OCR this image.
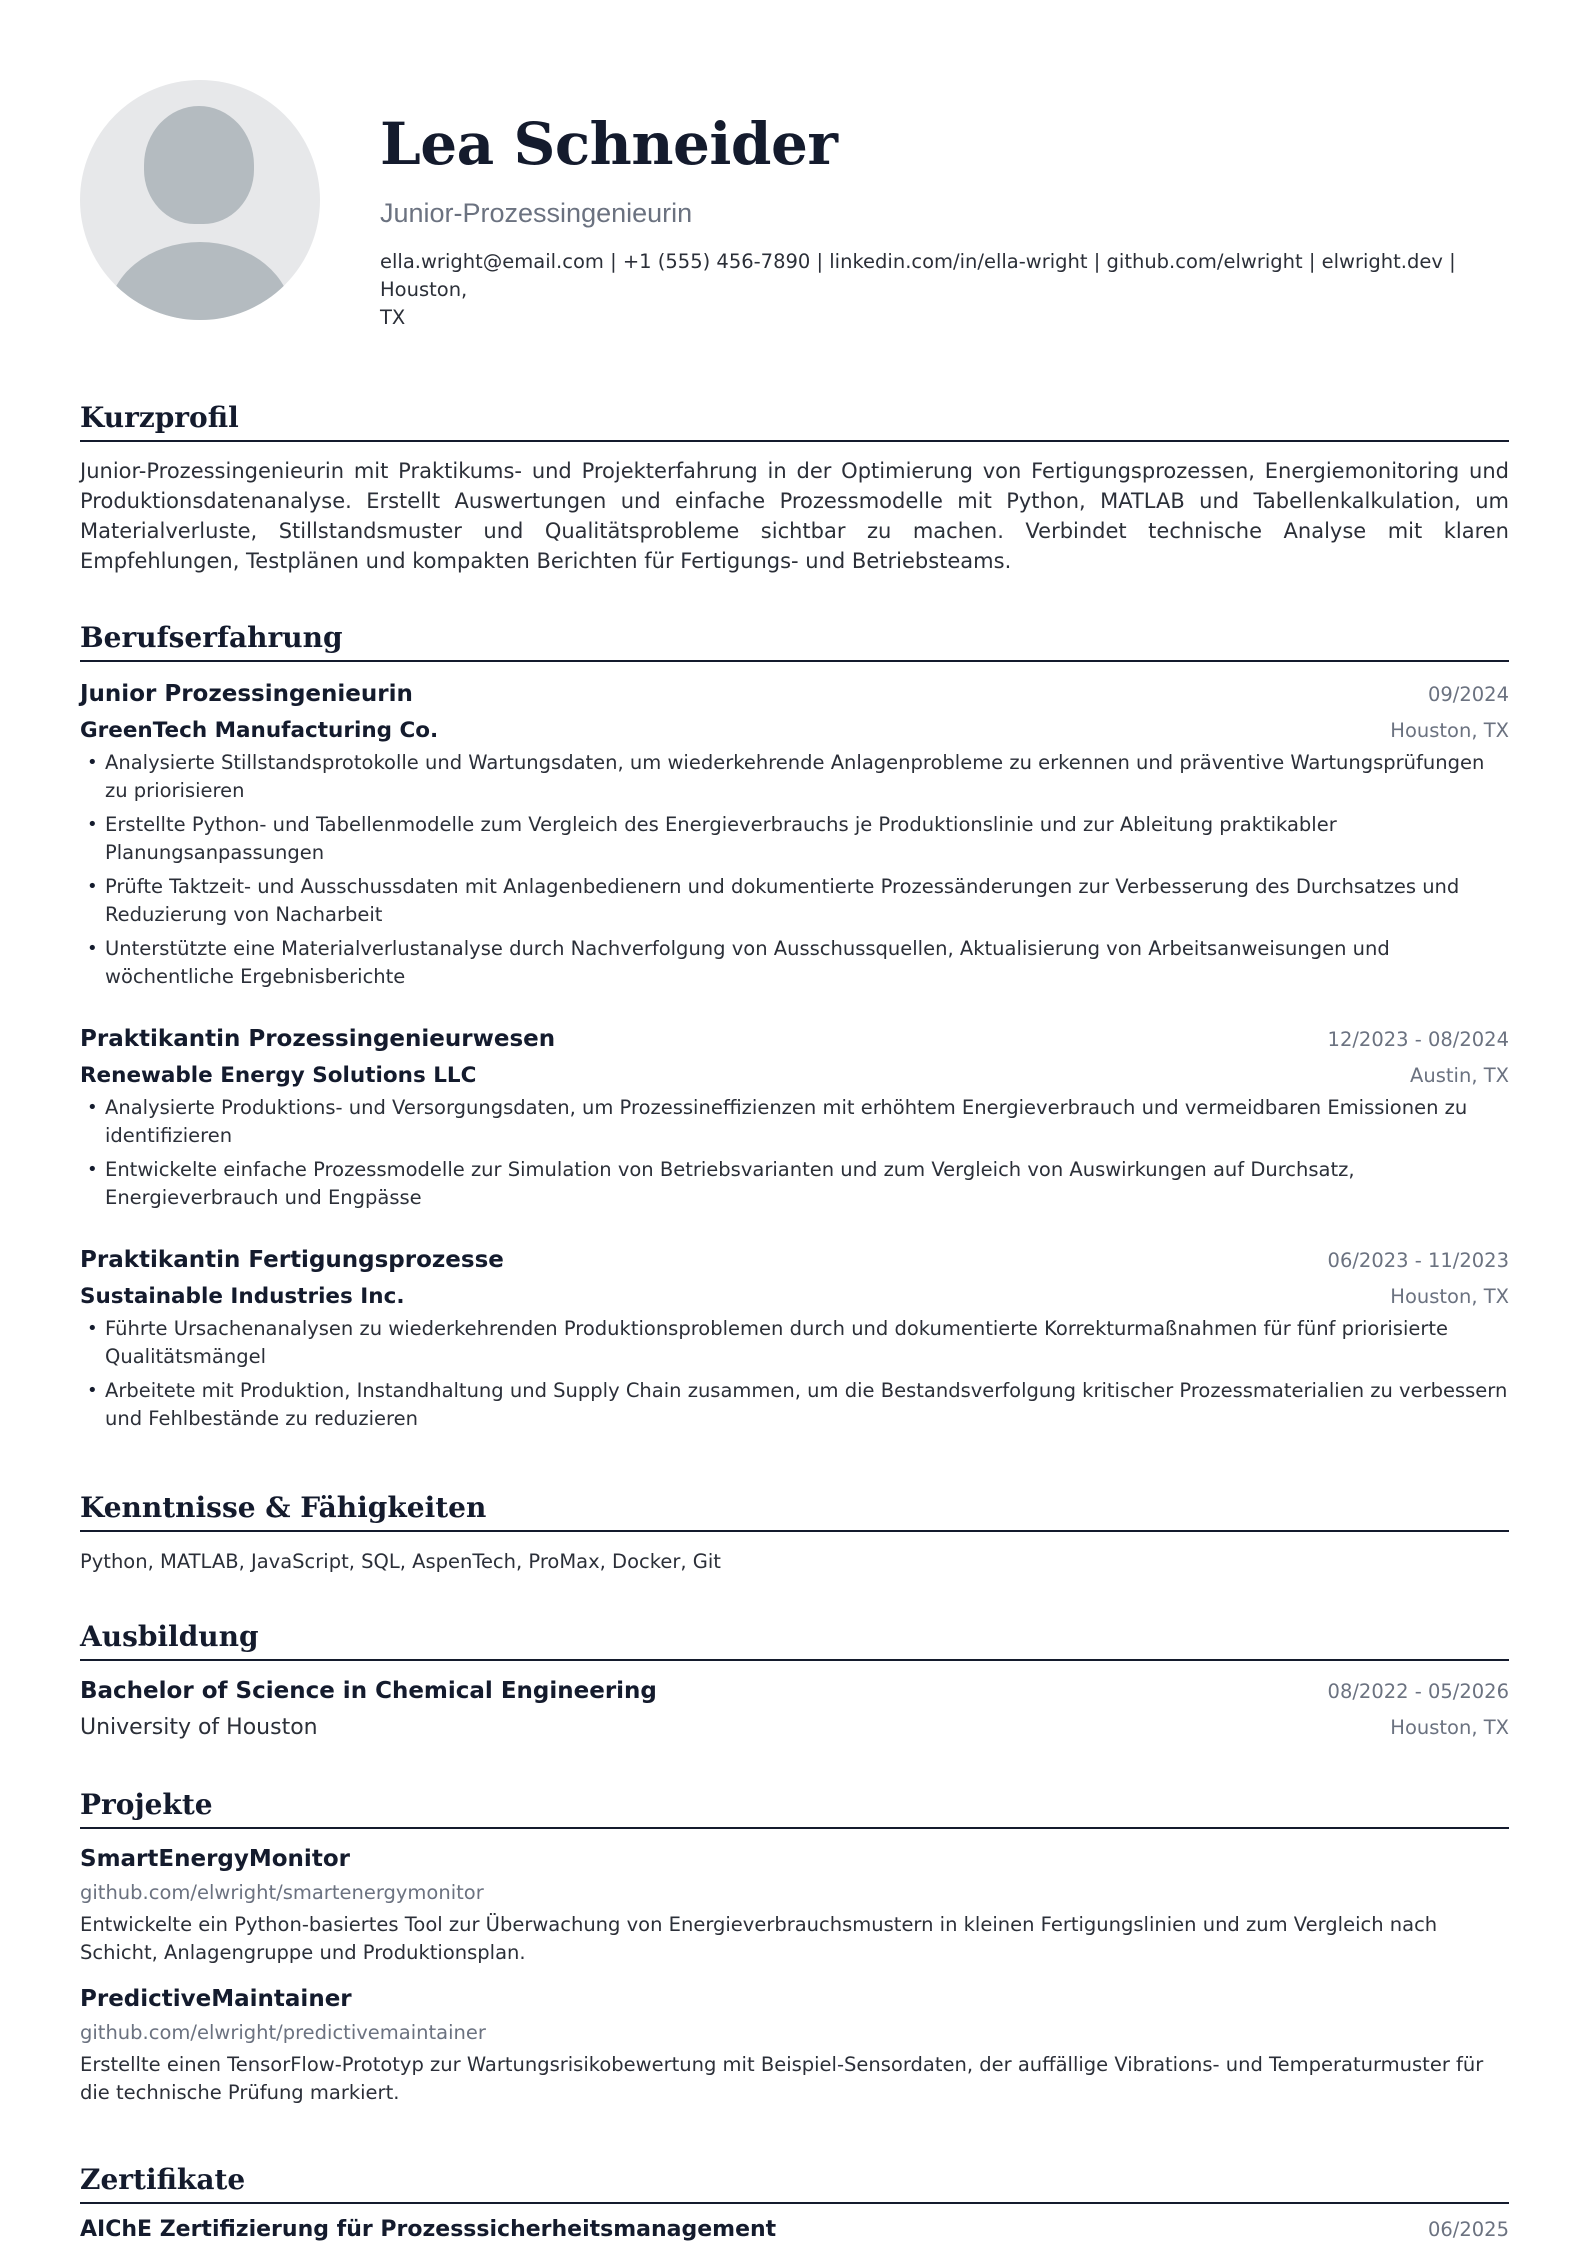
Lea Schneider
Junior-Prozessingenieurin
ella.wright@email.com | +1 (555) 456-7890 | linkedin.com/in/ella-wright | github.com/elwright | elwright.dev | Houston,
TX
Kurzprofil
Junior-Prozessingenieurin mit Praktikums- und Projekterfahrung in der Optimierung von Fertigungsprozessen, Energiemonitoring und Produktionsdatenanalyse. Erstellt Auswertungen und einfache Prozessmodelle mit Python, MATLAB und Tabellenkalkulation, um Materialverluste, Stillstandsmuster und Qualitätsprobleme sichtbar zu machen. Verbindet technische Analyse mit klaren Empfehlungen, Testplänen und kompakten Berichten für Fertigungs- und Betriebsteams.
Berufserfahrung
Junior Prozessingenieurin	09/2024
GreenTech Manufacturing Co.	Houston, TX
• Analysierte Stillstandsprotokolle und Wartungsdaten, um wiederkehrende Anlagenprobleme zu erkennen und präventive Wartungsprüfungen zu priorisieren
• Erstellte Python- und Tabellenmodelle zum Vergleich des Energieverbrauchs je Produktionslinie und zur Ableitung praktikabler Planungsanpassungen
• Prüfte Taktzeit- und Ausschussdaten mit Anlagenbedienern und dokumentierte Prozessänderungen zur Verbesserung des Durchsatzes und Reduzierung von Nacharbeit
• Unterstützte eine Materialverlustanalyse durch Nachverfolgung von Ausschussquellen, Aktualisierung von Arbeitsanweisungen und wöchentliche Ergebnisberichte
Praktikantin Prozessingenieurwesen	12/2023 - 08/2024
Renewable Energy Solutions LLC	Austin, TX
• Analysierte Produktions- und Versorgungsdaten, um Prozessineffizienzen mit erhöhtem Energieverbrauch und vermeidbaren Emissionen zu identifizieren
• Entwickelte einfache Prozessmodelle zur Simulation von Betriebsvarianten und zum Vergleich von Auswirkungen auf Durchsatz, Energieverbrauch und Engpässe
Praktikantin Fertigungsprozesse	06/2023 - 11/2023
Sustainable Industries Inc.	Houston, TX
• Führte Ursachenanalysen zu wiederkehrenden Produktionsproblemen durch und dokumentierte Korrekturmaßnahmen für fünf priorisierte Qualitätsmängel
• Arbeitete mit Produktion, Instandhaltung und Supply Chain zusammen, um die Bestandsverfolgung kritischer Prozessmaterialien zu verbessern und Fehlbestände zu reduzieren
Kenntnisse & Fähigkeiten
Python, MATLAB, JavaScript, SQL, AspenTech, ProMax, Docker, Git
Ausbildung
Bachelor of Science in Chemical Engineering	08/2022 - 05/2026
University of Houston	Houston, TX
Projekte
SmartEnergyMonitor
github.com/elwright/smartenergymonitor
Entwickelte ein Python-basiertes Tool zur Überwachung von Energieverbrauchsmustern in kleinen Fertigungslinien und zum Vergleich nach Schicht, Anlagengruppe und Produktionsplan.
PredictiveMaintainer
github.com/elwright/predictivemaintainer
Erstellte einen TensorFlow-Prototyp zur Wartungsrisikobewertung mit Beispiel-Sensordaten, der auffällige Vibrations- und Temperaturmuster für die technische Prüfung markiert.
Zertifikate
AIChE Zertifizierung für Prozesssicherheitsmanagement	06/2025
